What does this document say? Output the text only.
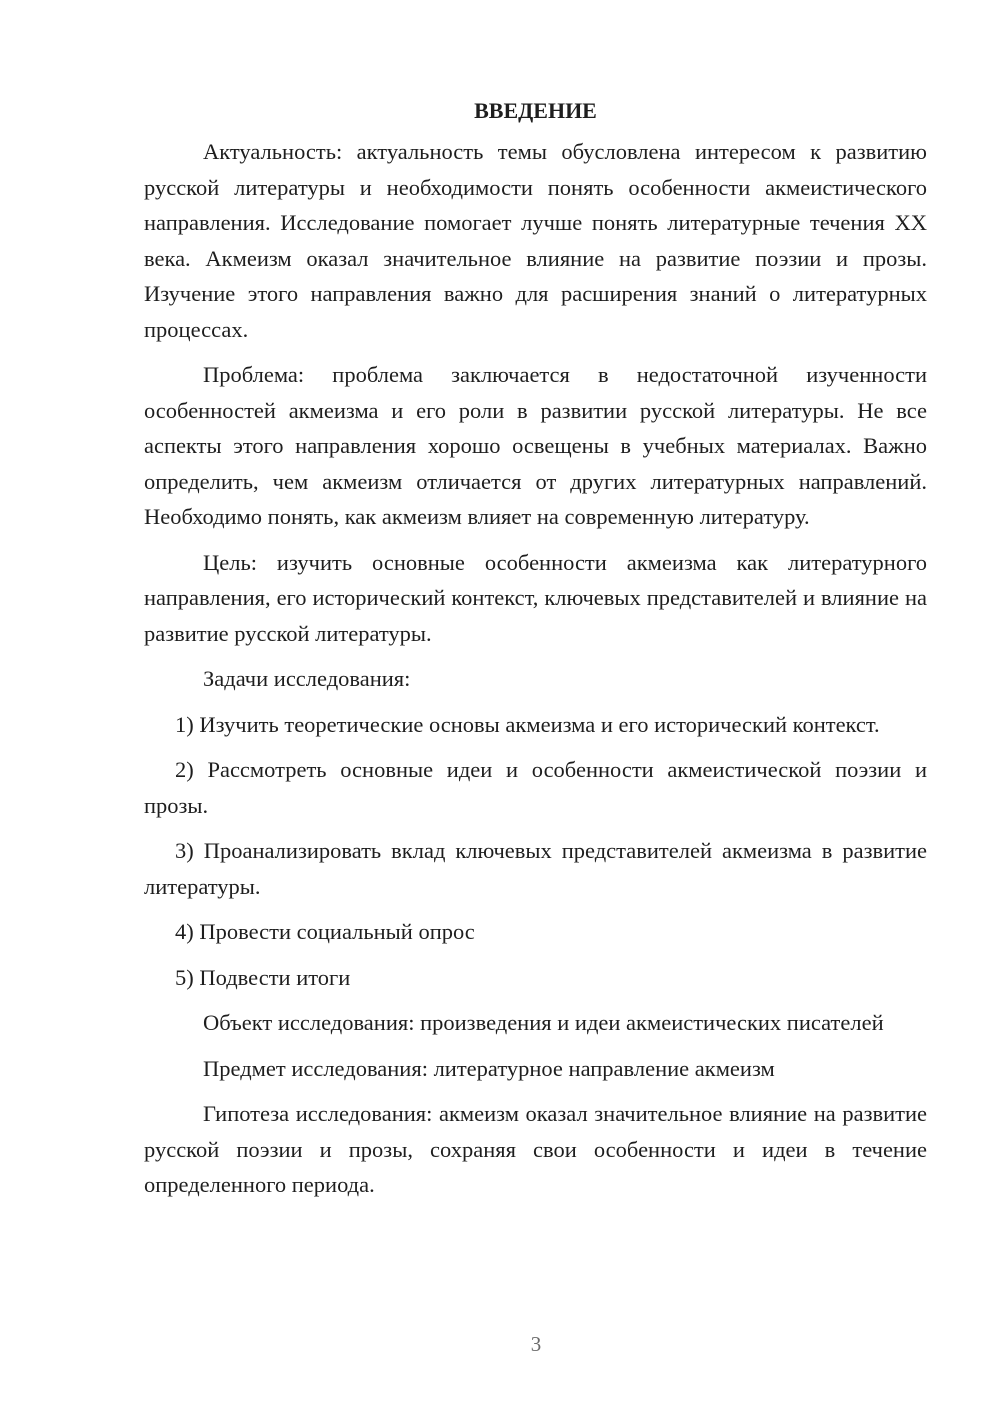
ВВЕДЕНИЕ

Актуальность: актуальность темы обусловлена интересом к развитию русской литературы и необходимости понять особенности акмеистического направления. Исследование помогает лучше понять литературные течения XX века. Акмеизм оказал значительное влияние на развитие поэзии и прозы. Изучение этого направления важно для расширения знаний о литературных процессах.

Проблема: проблема заключается в недостаточной изученности особенностей акмеизма и его роли в развитии русской литературы. Не все аспекты этого направления хорошо освещены в учебных материалах. Важно определить, чем акмеизм отличается от других литературных направлений. Необходимо понять, как акмеизм влияет на современную литературу.

Цель: изучить основные особенности акмеизма как литературного направления, его исторический контекст, ключевых представителей и влияние на развитие русской литературы.

Задачи исследования:

1) Изучить теоретические основы акмеизма и его исторический контекст.

2) Рассмотреть основные идеи и особенности акмеистической поэзии и прозы.

3) Проанализировать вклад ключевых представителей акмеизма в развитие литературы.

4) Провести социальный опрос

5) Подвести итоги

Объект исследования: произведения и идеи акмеистических писателей

Предмет исследования: литературное направление акмеизм

Гипотеза исследования: акмеизм оказал значительное влияние на развитие русской поэзии и прозы, сохраняя свои особенности и идеи в течение определенного периода.

3
